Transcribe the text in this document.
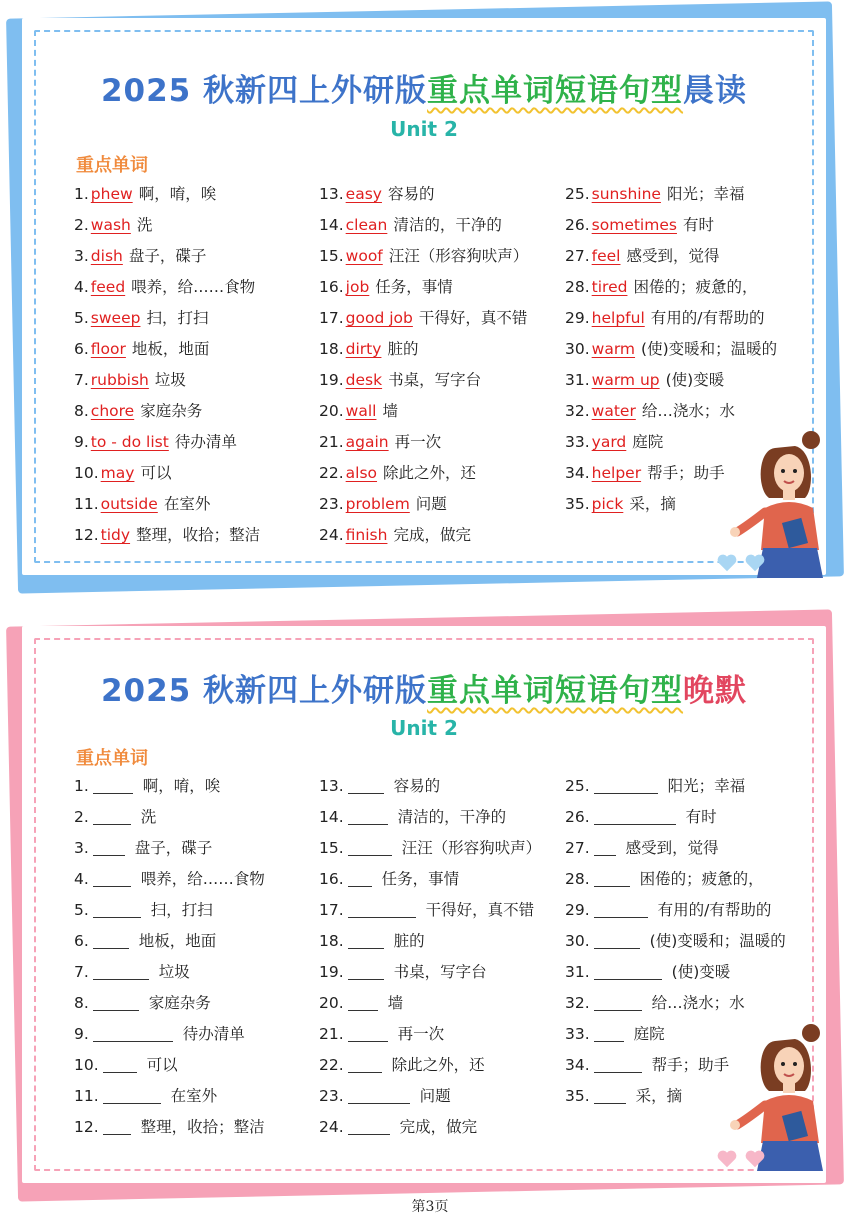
2025 秋新四上外研版重点单词短语句型晨读
Unit 2
重点单词
1. phew 啊，唷，唉
2. wash 洗
3. dish 盘子，碟子
4. feed 喂养，给……食物
5. sweep 扫，打扫
6. floor 地板，地面
7. rubbish 垃圾
8. chore 家庭杂务
9. to - do list 待办清单
10. may 可以
11. outside 在室外
12. tidy 整理，收拾；整洁
13. easy 容易的
14. clean 清洁的，干净的
15. woof 汪汪（形容狗吠声）
16. job 任务，事情
17. good job 干得好，真不错
18. dirty 脏的
19. desk 书桌，写字台
20. wall 墙
21. again 再一次
22. also 除此之外，还
23. problem 问题
24. finish 完成，做完
25. sunshine 阳光；幸福
26. sometimes 有时
27. feel 感受到，觉得
28. tired 困倦的；疲惫的，
29. helpful 有用的/有帮助的
30. warm (使)变暖和；温暖的
31. warm up (使)变暖
32. water 给…浇水；水
33. yard 庭院
34. helper 帮手；助手
35. pick 采，摘
2025 秋新四上外研版重点单词短语句型晚默
Unit 2
重点单词
1.	啊，唷，唉
2.	洗
3.	盘子，碟子
4.	喂养，给……食物
5.	扫，打扫
6.	地板，地面
7.	垃圾
8.	家庭杂务
9.	待办清单
10.	可以
11.	在室外
12.	整理，收拾；整洁
13.	容易的
14.	清洁的，干净的
15.	汪汪（形容狗吠声）
16. 任务，事情
17.	干得好，真不错
18.	脏的
19.	书桌，写字台
20.	墙
21.	再一次
22.	除此之外，还
23.	问题
24.	完成，做完
25.	阳光；幸福
26.	有时
27. 感受到，觉得
28.	困倦的；疲惫的，
29.	有用的/有帮助的
30.	(使)变暖和；温暖的
31.	(使)变暖
32.	给…浇水；水
33.	庭院
34.	帮手；助手
35.	采，摘
第3页
